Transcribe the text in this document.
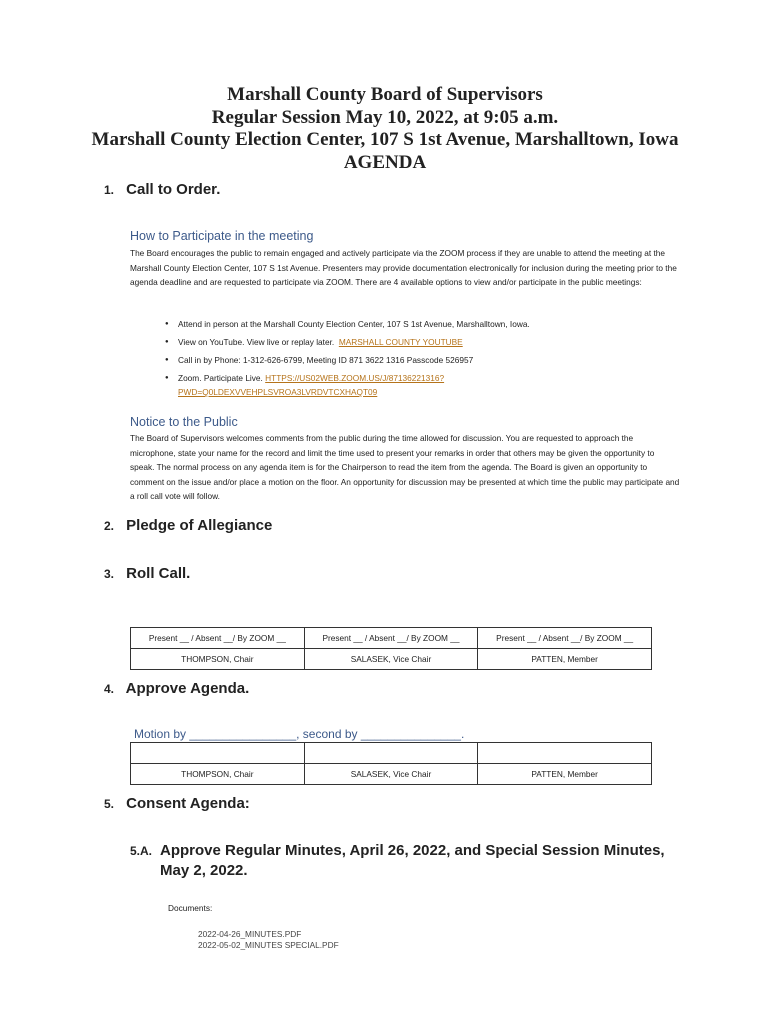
Marshall County Board of Supervisors
Regular Session May 10, 2022, at 9:05 a.m.
Marshall County Election Center, 107 S 1st Avenue, Marshalltown, Iowa
AGENDA
1. Call to Order.
How to Participate in the meeting
The Board encourages the public to remain engaged and actively participate via the ZOOM process if they are unable to attend the meeting at the Marshall County Election Center, 107 S 1st Avenue. Presenters may provide documentation electronically for inclusion during the meeting prior to the agenda deadline and are requested to participate via ZOOM. There are 4 available options to view and/or participate in the public meetings:
● Attend in person at the Marshall County Election Center, 107 S 1st Avenue, Marshalltown, Iowa.
● View on YouTube. View live or replay later. MARSHALL COUNTY YOUTUBE
● Call in by Phone: 1-312-626-6799, Meeting ID 871 3622 1316 Passcode 526957
● Zoom. Participate Live. HTTPS://US02WEB.ZOOM.US/J/87136221316?
PWD=Q0LDEXVVEHPLSVROA3LVRDVTCXHAQT09
Notice to the Public
The Board of Supervisors welcomes comments from the public during the time allowed for discussion. You are requested to approach the microphone, state your name for the record and limit the time used to present your remarks in order that others may be given the opportunity to speak. The normal process on any agenda item is for the Chairperson to read the item from the agenda. The Board is given an opportunity to comment on the issue and/or place a motion on the floor. An opportunity for discussion may be presented at which time the public may participate and a roll call vote will follow.
2. Pledge of Allegiance
3. Roll Call.
Present __ / Absent __/ By ZOOM __	Present __ / Absent __/ By ZOOM __	Present __ / Absent __/ By ZOOM __
THOMPSON, Chair	SALASEK, Vice Chair	PATTEN, Member
4. Approve Agenda.
Motion by ________________, second by _______________.

THOMPSON, Chair	SALASEK, Vice Chair	PATTEN, Member
5. Consent Agenda:
5.A. Approve Regular Minutes, April 26, 2022, and Special Session Minutes,
May 2, 2022.
Documents:
2022-04-26_MINUTES.PDF
2022-05-02_MINUTES SPECIAL.PDF
